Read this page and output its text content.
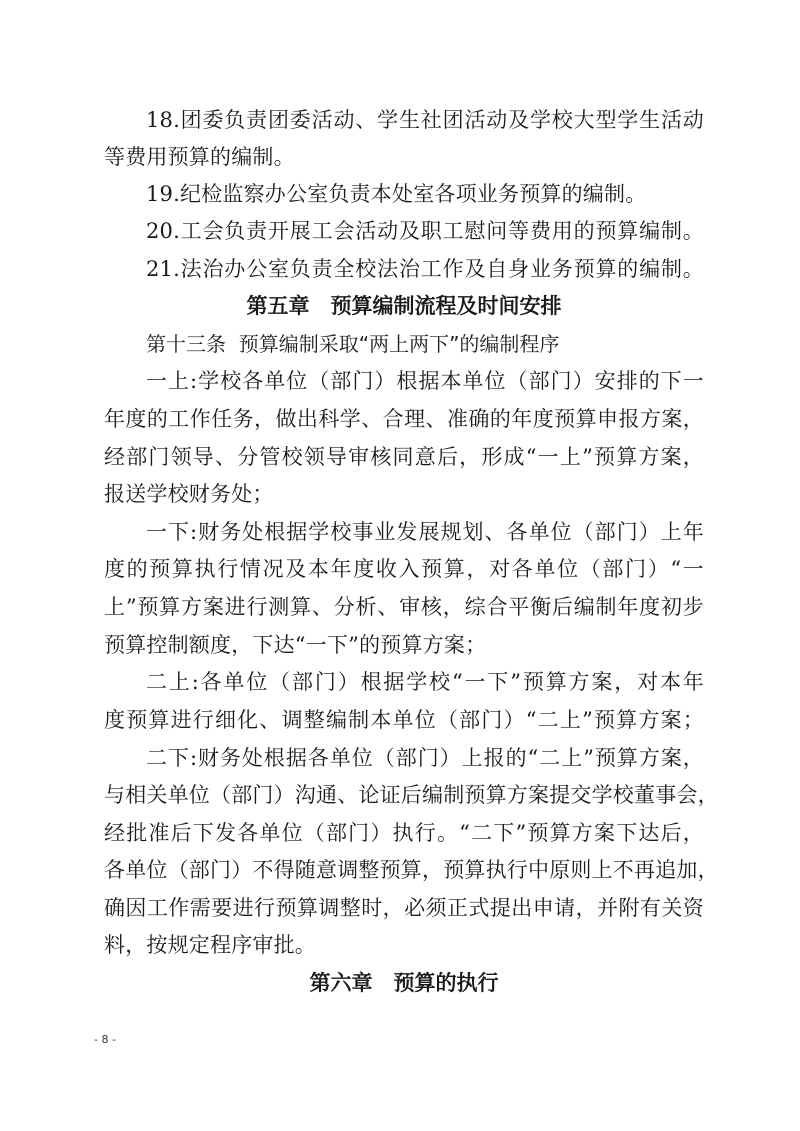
18.团委负责团委活动、学生社团活动及学校大型学生活动
等费用预算的编制。
19.纪检监察办公室负责本处室各项业务预算的编制。
20.工会负责开展工会活动及职工慰问等费用的预算编制。
21.法治办公室负责全校法治工作及自身业务预算的编制。
第五章　预算编制流程及时间安排
第十三条  预算编制采取“两上两下”的编制程序
一上:学校各单位（部门）根据本单位（部门）安排的下一
年度的工作任务，做出科学、合理、准确的年度预算申报方案，
经部门领导、分管校领导审核同意后，形成“一上”预算方案，
报送学校财务处；
一下:财务处根据学校事业发展规划、各单位（部门）上年
度的预算执行情况及本年度收入预算，对各单位（部门）“一
上”预算方案进行测算、分析、审核，综合平衡后编制年度初步
预算控制额度，下达“一下”的预算方案；
二上:各单位（部门）根据学校“一下”预算方案，对本年
度预算进行细化、调整编制本单位（部门）“二上”预算方案；
二下:财务处根据各单位（部门）上报的“二上”预算方案，
与相关单位（部门）沟通、论证后编制预算方案提交学校董事会，
经批准后下发各单位（部门）执行。“二下”预算方案下达后，
各单位（部门）不得随意调整预算，预算执行中原则上不再追加，
确因工作需要进行预算调整时，必须正式提出申请，并附有关资
料，按规定程序审批。
第六章　预算的执行
- 8 -
